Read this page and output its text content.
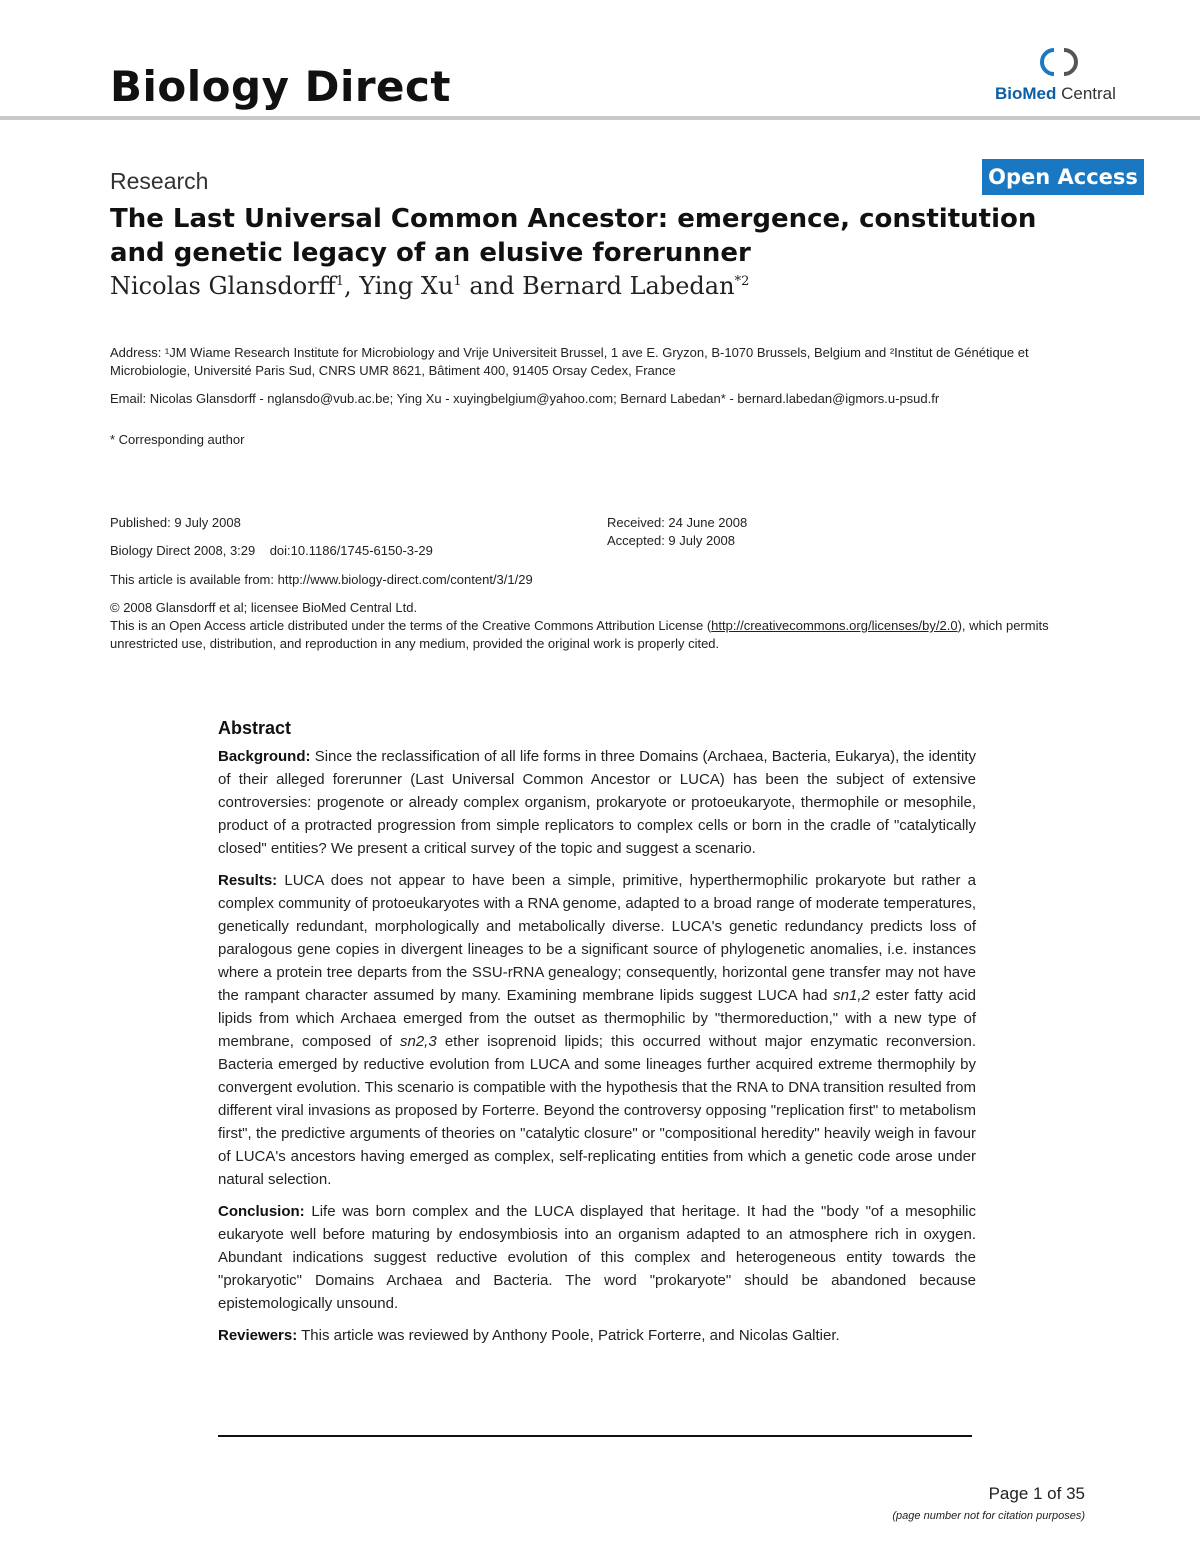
Biology Direct	BioMed Central
Research	Open Access
The Last Universal Common Ancestor: emergence, constitution and genetic legacy of an elusive forerunner
Nicolas Glansdorff$^1$, Ying Xu$^1$ and Bernard Labedan$^{*2}$
Address: ¹JM Wiame Research Institute for Microbiology and Vrije Universiteit Brussel, 1 ave E. Gryzon, B-1070 Brussels, Belgium and ²Institut de Génétique et Microbiologie, Université Paris Sud, CNRS UMR 8621, Bâtiment 400, 91405 Orsay Cedex, France
Email: Nicolas Glansdorff - nglansdo@vub.ac.be; Ying Xu - xuyingbelgium@yahoo.com; Bernard Labedan* - bernard.labedan@igmors.u-psud.fr
* Corresponding author
Published: 9 July 2008
Biology Direct 2008, 3:29    doi:10.1186/1745-6150-3-29
Received: 24 June 2008
Accepted: 9 July 2008
This article is available from: http://www.biology-direct.com/content/3/1/29
© 2008 Glansdorff et al; licensee BioMed Central Ltd.
This is an Open Access article distributed under the terms of the Creative Commons Attribution License (http://creativecommons.org/licenses/by/2.0), which permits unrestricted use, distribution, and reproduction in any medium, provided the original work is properly cited.
Abstract

Background: Since the reclassification of all life forms in three Domains (Archaea, Bacteria, Eukarya), the identity of their alleged forerunner (Last Universal Common Ancestor or LUCA) has been the subject of extensive controversies: progenote or already complex organism, prokaryote or protoeukaryote, thermophile or mesophile, product of a protracted progression from simple replicators to complex cells or born in the cradle of "catalytically closed" entities? We present a critical survey of the topic and suggest a scenario.

Results: LUCA does not appear to have been a simple, primitive, hyperthermophilic prokaryote but rather a complex community of protoeukaryotes with a RNA genome, adapted to a broad range of moderate temperatures, genetically redundant, morphologically and metabolically diverse. LUCA's genetic redundancy predicts loss of paralogous gene copies in divergent lineages to be a significant source of phylogenetic anomalies, i.e. instances where a protein tree departs from the SSU-rRNA genealogy; consequently, horizontal gene transfer may not have the rampant character assumed by many. Examining membrane lipids suggest LUCA had sn1,2 ester fatty acid lipids from which Archaea emerged from the outset as thermophilic by "thermoreduction," with a new type of membrane, composed of sn2,3 ether isoprenoid lipids; this occurred without major enzymatic reconversion. Bacteria emerged by reductive evolution from LUCA and some lineages further acquired extreme thermophily by convergent evolution. This scenario is compatible with the hypothesis that the RNA to DNA transition resulted from different viral invasions as proposed by Forterre. Beyond the controversy opposing "replication first" to metabolism first", the predictive arguments of theories on "catalytic closure" or "compositional heredity" heavily weigh in favour of LUCA's ancestors having emerged as complex, self-replicating entities from which a genetic code arose under natural selection.

Conclusion: Life was born complex and the LUCA displayed that heritage. It had the "body "of a mesophilic eukaryote well before maturing by endosymbiosis into an organism adapted to an atmosphere rich in oxygen. Abundant indications suggest reductive evolution of this complex and heterogeneous entity towards the "prokaryotic" Domains Archaea and Bacteria. The word "prokaryote" should be abandoned because epistemologically unsound.

Reviewers: This article was reviewed by Anthony Poole, Patrick Forterre, and Nicolas Galtier.

Page 1 of 35
(page number not for citation purposes)
